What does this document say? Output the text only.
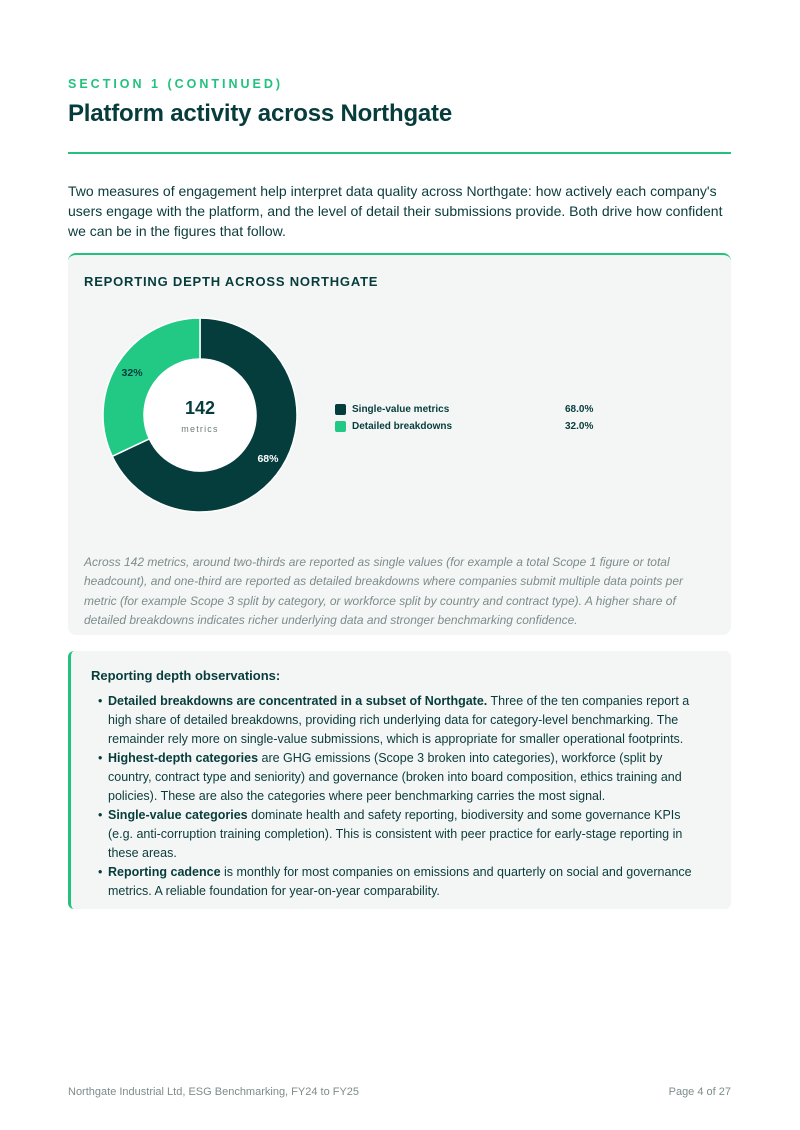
SECTION 1 (CONTINUED)
Platform activity across Northgate

Two measures of engagement help interpret data quality across Northgate: how actively each company's users engage with the platform, and the level of detail their submissions provide. Both drive how confident we can be in the figures that follow.

REPORTING DEPTH ACROSS NORTHGATE
68%
32%
142
metrics
Single-value metrics	68.0%
Detailed breakdowns	32.0%

Across 142 metrics, around two-thirds are reported as single values (for example a total Scope 1 figure or total headcount), and one-third are reported as detailed breakdowns where companies submit multiple data points per metric (for example Scope 3 split by category, or workforce split by country and contract type). A higher share of detailed breakdowns indicates richer underlying data and stronger benchmarking confidence.

Reporting depth observations:
• Detailed breakdowns are concentrated in a subset of Northgate. Three of the ten companies report a high share of detailed breakdowns, providing rich underlying data for category-level benchmarking. The remainder rely more on single-value submissions, which is appropriate for smaller operational footprints.
• Highest-depth categories are GHG emissions (Scope 3 broken into categories), workforce (split by country, contract type and seniority) and governance (broken into board composition, ethics training and policies). These are also the categories where peer benchmarking carries the most signal.
• Single-value categories dominate health and safety reporting, biodiversity and some governance KPIs (e.g. anti-corruption training completion). This is consistent with peer practice for early-stage reporting in these areas.
• Reporting cadence is monthly for most companies on emissions and quarterly on social and governance metrics. A reliable foundation for year-on-year comparability.
Northgate Industrial Ltd, ESG Benchmarking, FY24 to FY25	Page 4 of 27
